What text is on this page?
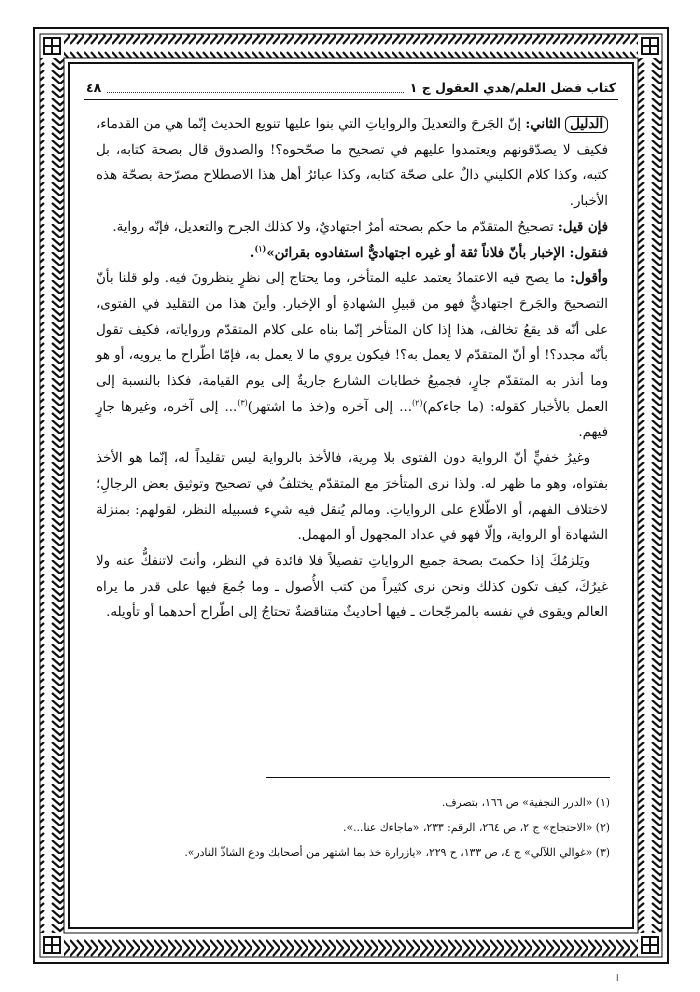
كتاب فضل العلم/هدي العقول ج ١
٤٨

الدليل الثاني: إنّ الجَرحَ والتعديلَ والرواياتِ التي بنوا عليها تنويع الحديث إنّما هي من القدماء، فكيف لا يصدّقونهم ويعتمدوا عليهم في تصحيح ما صحّحوه؟! والصدوق قال بصحة كتابه، بل كتبه، وكذا كلام الكليني دالٌ على صحّة كتابه، وكذا عبائرُ أهل هذا الاصطلاح مصرّحة بصحّة هذه الأخبار.

فإن قيل: تصحيحُ المتقدّم ما حكم بصحته أمرٌ اجتهاديٌ، ولا كذلك الجرح والتعديل، فإنّه رواية.

فنقول: الإخبار بأنّ فلاناً ثقة أو غيره اجتهاديٌّ استفادوه بقرائن»$^{(١)}$.

وأقول: ما يصح فيه الاعتمادُ يعتمد عليه المتأخر، وما يحتاج إلى نظرٍ ينظرونَ فيه. ولو قلنا بأنّ التصحيحَ والجَرحَ اجتهاديٌّ فهو من قبيلِ الشهادةِ أو الإخبار. وأينَ هذا من التقليد في الفتوى، على أنّه قد يقعُ تخالف، هذا إذا كان المتأخر إنّما بناه على كلام المتقدّم ورواياته، فكيف تقول بأنّه مجدد؟! أو أنّ المتقدّم لا يعمل به؟! فيكون يروي ما لا يعمل به، فإمّا اطّراح ما يرويه، أو هو وما أنذر به المتقدّم جارٍ، فجميعُ خطابات الشارع جاريةٌ إلى يوم القيامة، فكذا بالنسبة إلى العمل بالأخبار كقوله: (ما جاءكم)$^{(٢)}$... إلى آخره و(خذ ما اشتهر)$^{(٣)}$... إلى آخره، وغيرها جارٍ فيهم.

وغيرُ خفيٍّ أنّ الرواية دون الفتوى بلا مِرية، فالأخذ بالرواية ليس تقليداً له، إنّما هو الأخذ بفتواه، وهو ما ظهر له. ولذا نرى المتأخرَ مع المتقدّم يختلفُ في تصحيح وتوثيق بعض الرجالِ؛ لاختلاف الفهم، أو الاطّلاع على الرواياتِ. ومالم يُنقل فيه شيء فسبيله النظر، لقولهم: بمنزلة الشهادة أو الرواية، وإلّا فهو في عداد المجهول أو المهمل.

ويَلزمُكَ إذا حكمتَ بصحة جميع الرواياتِ تفصيلاً فلا فائدة في النظر، وأنتَ لاتنفكُّ عنه ولا غيرُكَ، كيف تكون كذلك ونحن نرى كثيراً من كتب الأُصول ـ وما جُمعَ فيها على قدر ما يراه العالم ويقوى في نفسه بالمرجّحات ـ فيها أحاديثٌ متناقضةٌ تحتاجُ إلى اطّراح أحدهما أو تأويله.

(١) «الدرر النجفية» ص ١٦٦، بتصرف.

(٢) «الاحتجاج» ج ٢، ص ٢٦٤، الرقم: ٢٣٣، «ماجاءك عنا...».

(٣) «غوالي اللآلي» ج ٤، ص ١٣٣، ح ٢٢٩، «يازرارة خذ بما اشتهر من أصحابك ودع الشاذّ النادر».

ا
